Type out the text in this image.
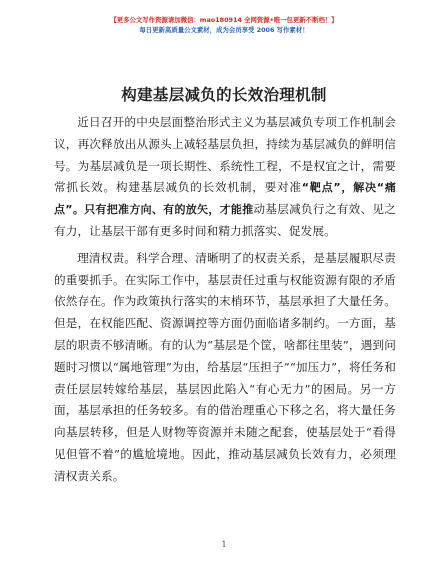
【更多公文写作资源请加微信：mao180914 全网资源•唯一包更新不断档！】
每日更新高质量公文素材，成为会员享受 2006 写作素材！
构建基层减负的长效治理机制

近日召开的中央层面整治形式主义为基层减负专项工作机制会议，再次释放出从源头上减轻基层负担，持续为基层减负的鲜明信号。为基层减负是一项长期性、系统性工程，不是权宜之计，需要常抓长效。构建基层减负的长效机制，要对准“靶点”，解决“痛点”。只有把准方向、有的放矢，才能推动基层减负行之有效、见之有力，让基层干部有更多时间和精力抓落实、促发展。

理清权责。科学合理、清晰明了的权责关系，是基层履职尽责的重要抓手。在实际工作中，基层责任过重与权能资源有限的矛盾依然存在。作为政策执行落实的末梢环节，基层承担了大量任务。但是，在权能匹配、资源调控等方面仍面临诸多制约。一方面，基层的职责不够清晰。有的认为“基层是个筐，啥都往里装”，遇到问题时习惯以“属地管理”为由，给基层“压担子”“加压力”，将任务和责任层层转嫁给基层，基层因此陷入“有心无力”的困局。另一方面，基层承担的任务较多。有的借治理重心下移之名，将大量任务向基层转移，但是人财物等资源并未随之配套，使基层处于“看得见但管不着”的尴尬境地。因此，推动基层减负长效有力，必须理清权责关系。

1
